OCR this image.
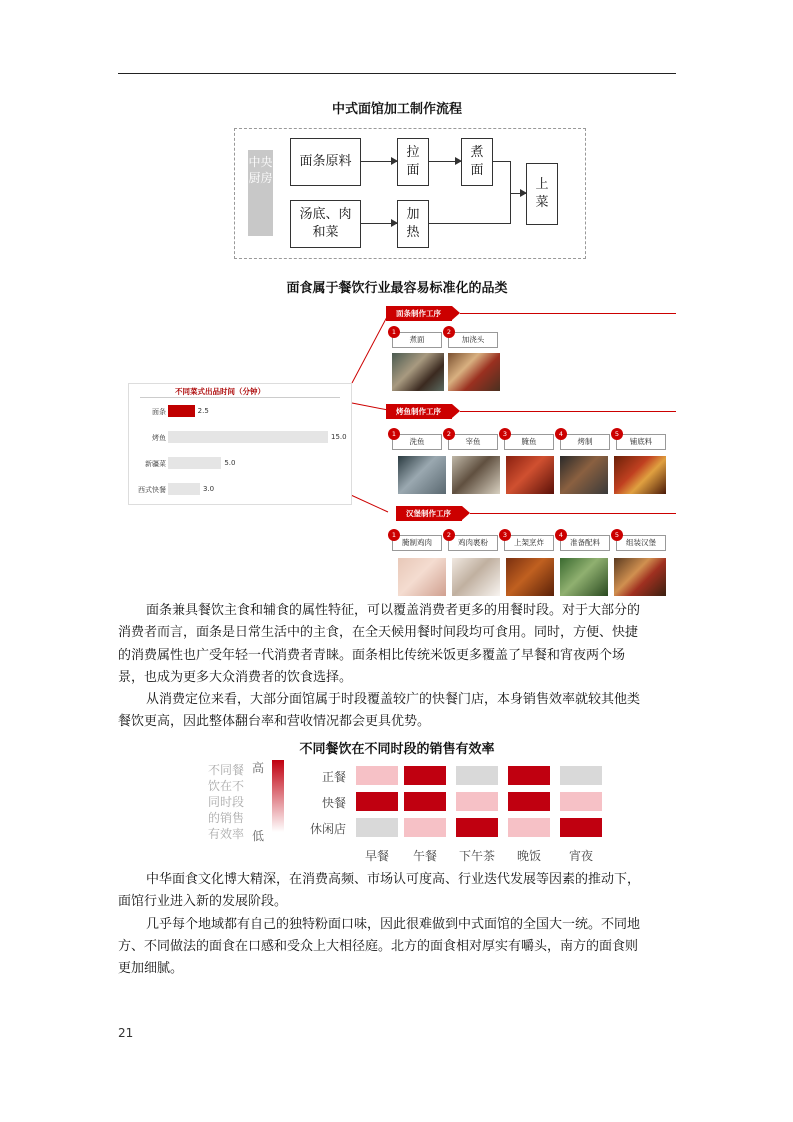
中式面馆加工制作流程
中央厨房
面条原料
汤底、肉和菜
拉面
加热
煮面
上菜
面食属于餐饮行业最容易标准化的品类
不同菜式出品时间（分钟）
面条	2.5
烤鱼	15.0
新疆菜	5.0
西式快餐	3.0
面条制作工序
烤鱼制作工序
汉堡制作工序
煮面	加浇头
1	2
洗鱼	宰鱼	腌鱼	烤制	铺底料
1	2	3	4	5
腌制鸡肉	鸡肉裹粉	上架烹炸	准备配料	组装汉堡
1	2	3	4	5
面条兼具餐饮主食和辅食的属性特征，可以覆盖消费者更多的用餐时段。对于大部分的
消费者而言，面条是日常生活中的主食，在全天候用餐时间段均可食用。同时，方便、快捷
的消费属性也广受年轻一代消费者青睐。面条相比传统米饭更多覆盖了早餐和宵夜两个场
景，也成为更多大众消费者的饮食选择。
从消费定位来看，大部分面馆属于时段覆盖较广的快餐门店，本身销售效率就较其他类
餐饮更高，因此整体翻台率和营收情况都会更具优势。
不同餐饮在不同时段的销售有效率
不同餐
饮在不
同时段
的销售
有效率
高
低
正餐
快餐
休闲店
早餐	午餐	下午茶	晚饭	宵夜
中华面食文化博大精深，在消费高频、市场认可度高、行业迭代发展等因素的推动下，
面馆行业进入新的发展阶段。
几乎每个地域都有自己的独特粉面口味，因此很难做到中式面馆的全国大一统。不同地
方、不同做法的面食在口感和受众上大相径庭。北方的面食相对厚实有嚼头，南方的面食则
更加细腻。
21
